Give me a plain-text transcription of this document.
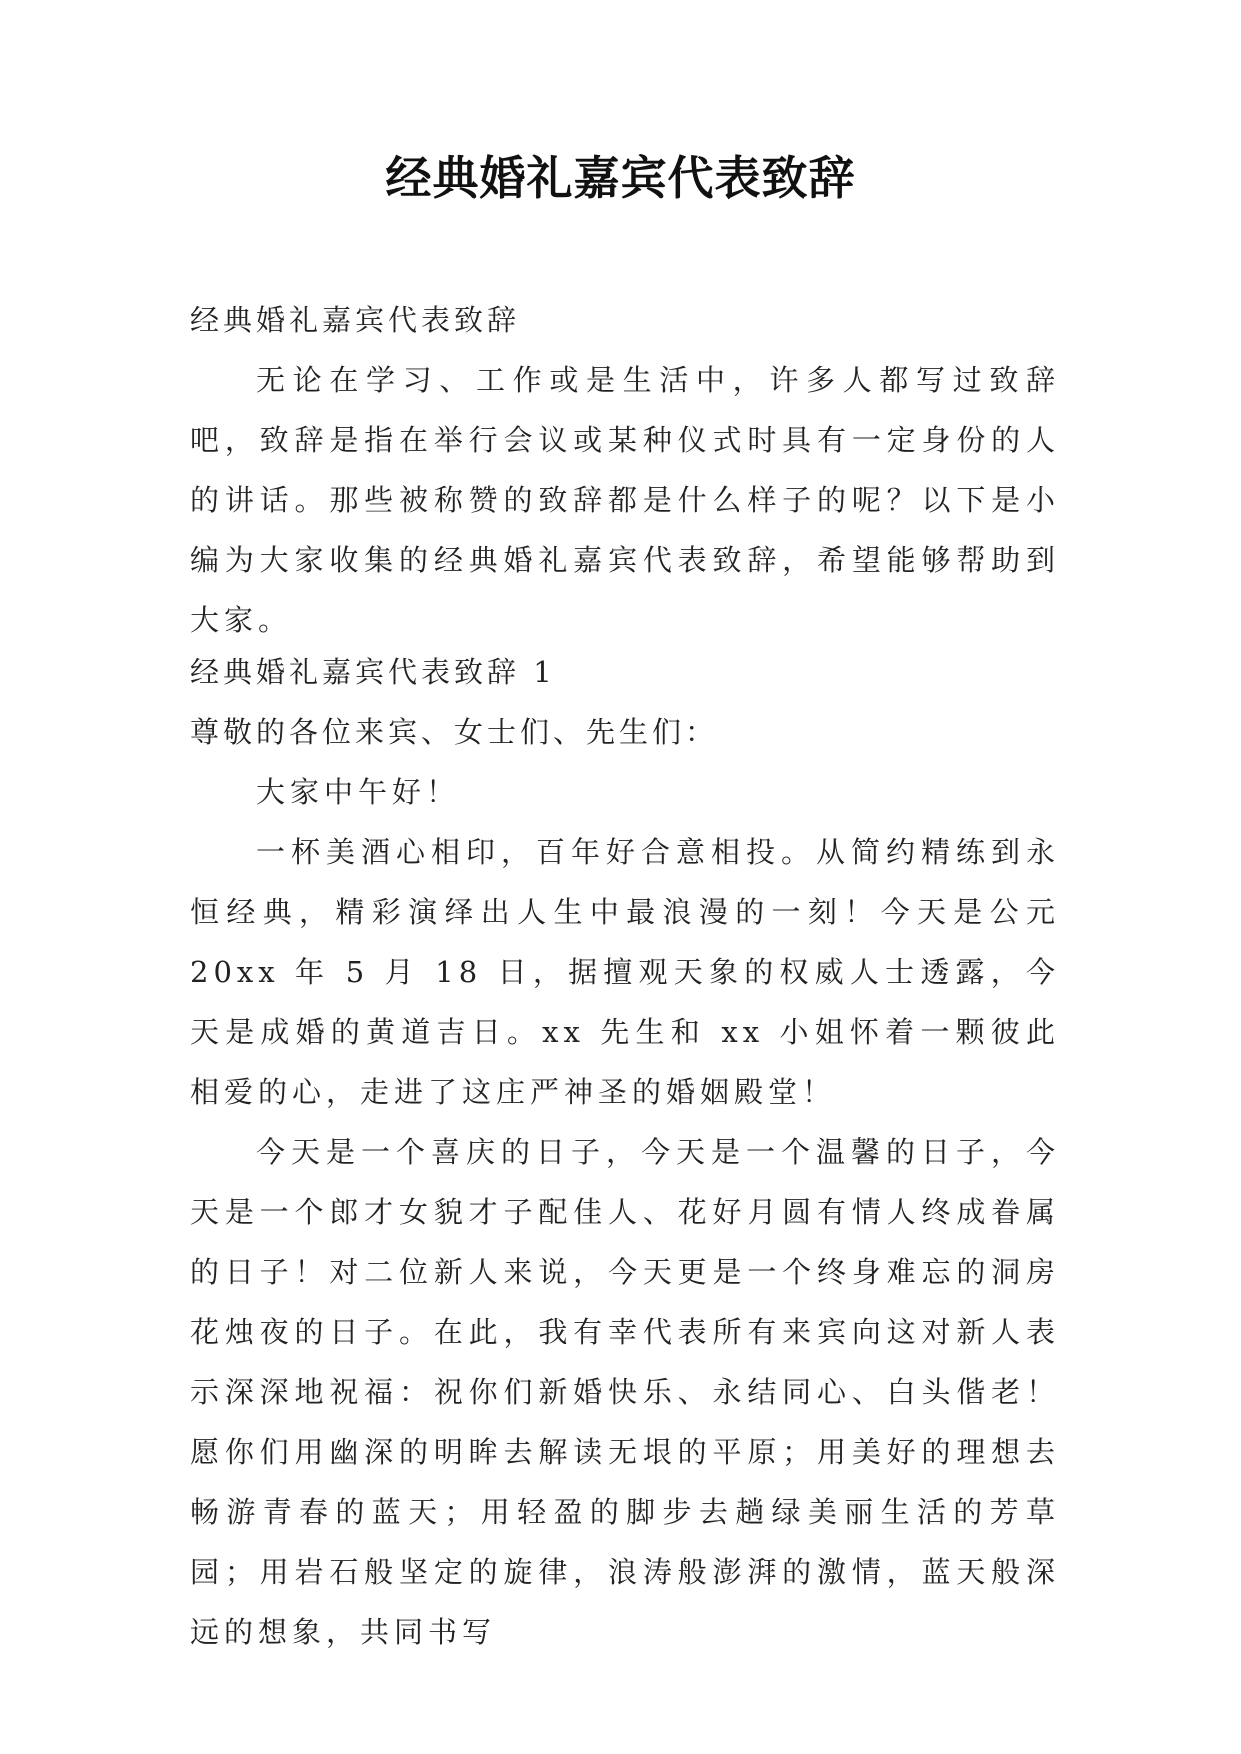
经典婚礼嘉宾代表致辞

经典婚礼嘉宾代表致辞

无论在学习、工作或是生活中，许多人都写过致辞吧，致辞是指在举行会议或某种仪式时具有一定身份的人的讲话。那些被称赞的致辞都是什么样子的呢？以下是小编为大家收集的经典婚礼嘉宾代表致辞，希望能够帮助到大家。

经典婚礼嘉宾代表致辞 1

尊敬的各位来宾、女士们、先生们：

大家中午好！

一杯美酒心相印，百年好合意相投。从简约精练到永恒经典，精彩演绎出人生中最浪漫的一刻！今天是公元 20xx 年 5 月 18 日，据擅观天象的权威人士透露，今天是成婚的黄道吉日。xx 先生和 xx 小姐怀着一颗彼此相爱的心，走进了这庄严神圣的婚姻殿堂！

今天是一个喜庆的日子，今天是一个温馨的日子，今天是一个郎才女貌才子配佳人、花好月圆有情人终成眷属的日子！对二位新人来说，今天更是一个终身难忘的洞房花烛夜的日子。在此，我有幸代表所有来宾向这对新人表示深深地祝福：祝你们新婚快乐、永结同心、白头偕老！愿你们用幽深的明眸去解读无垠的平原；用美好的理想去畅游青春的蓝天；用轻盈的脚步去趟绿美丽生活的芳草园；用岩石般坚定的旋律，浪涛般澎湃的激情，蓝天般深远的想象，共同书写
